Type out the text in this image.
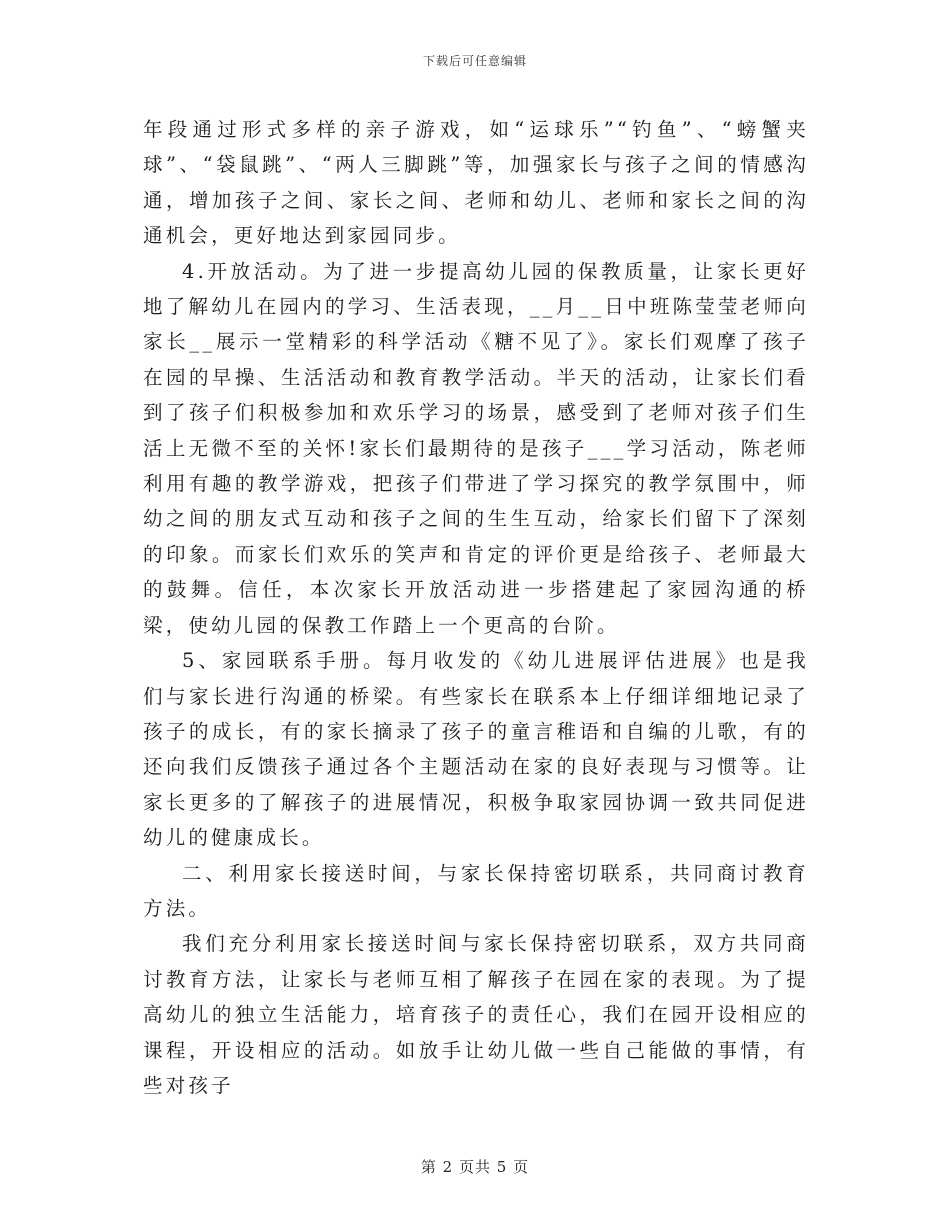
下载后可任意编辑

年段通过形式多样的亲子游戏，如“运球乐”“钓鱼”、“螃蟹夹球”、“袋鼠跳”、“两人三脚跳”等，加强家长与孩子之间的情感沟通，增加孩子之间、家长之间、老师和幼儿、老师和家长之间的沟通机会，更好地达到家园同步。

4.开放活动。为了进一步提高幼儿园的保教质量，让家长更好地了解幼儿在园内的学习、生活表现，__月__日中班陈莹莹老师向家长__展示一堂精彩的科学活动《糖不见了》。家长们观摩了孩子在园的早操、生活活动和教育教学活动。半天的活动，让家长们看到了孩子们积极参加和欢乐学习的场景，感受到了老师对孩子们生活上无微不至的关怀!家长们最期待的是孩子___学习活动，陈老师利用有趣的教学游戏，把孩子们带进了学习探究的教学氛围中，师幼之间的朋友式互动和孩子之间的生生互动，给家长们留下了深刻的印象。而家长们欢乐的笑声和肯定的评价更是给孩子、老师最大的鼓舞。信任，本次家长开放活动进一步搭建起了家园沟通的桥梁，使幼儿园的保教工作踏上一个更高的台阶。

5、家园联系手册。每月收发的《幼儿进展评估进展》也是我们与家长进行沟通的桥梁。有些家长在联系本上仔细详细地记录了孩子的成长，有的家长摘录了孩子的童言稚语和自编的儿歌，有的还向我们反馈孩子通过各个主题活动在家的良好表现与习惯等。让家长更多的了解孩子的进展情况，积极争取家园协调一致共同促进幼儿的健康成长。

二、利用家长接送时间，与家长保持密切联系，共同商讨教育方法。

我们充分利用家长接送时间与家长保持密切联系，双方共同商讨教育方法，让家长与老师互相了解孩子在园在家的表现。为了提高幼儿的独立生活能力，培育孩子的责任心，我们在园开设相应的课程，开设相应的活动。如放手让幼儿做一些自己能做的事情，有些对孩子

第 2 页共 5 页
